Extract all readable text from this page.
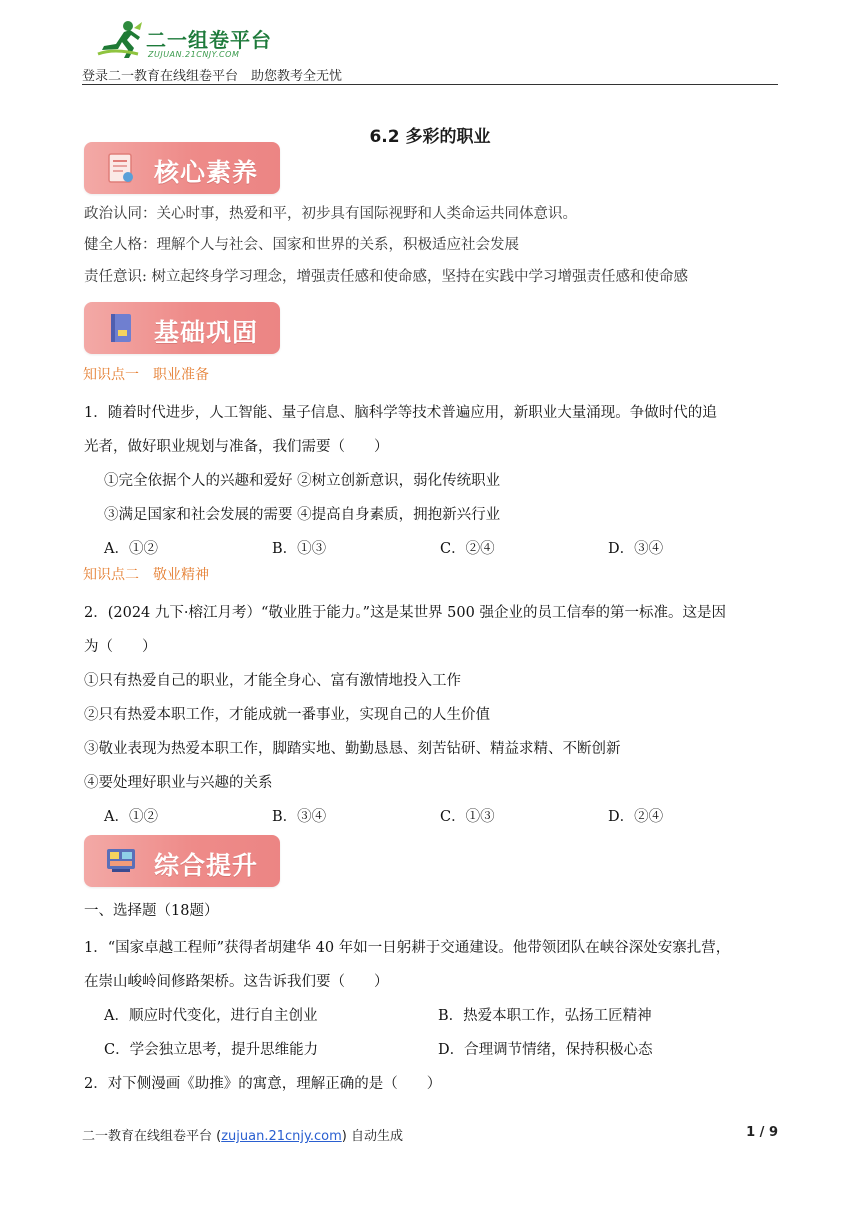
二一组卷平台
ZUJUAN.21CNJY.COM
登录二一教育在线组卷平台　助您教考全无忧
6.2 多彩的职业
核心素养
政治认同：关心时事，热爱和平，初步具有国际视野和人类命运共同体意识。
健全人格：理解个人与社会、国家和世界的关系，积极适应社会发展
责任意识: 树立起终身学习理念，增强责任感和使命感，坚持在实践中学习增强责任感和使命感
基础巩固
知识点一　职业准备
1．随着时代进步，人工智能、量子信息、脑科学等技术普遍应用，新职业大量涌现。争做时代的追
光者，做好职业规划与准备，我们需要（　　）
①完全依据个人的兴趣和爱好 ②树立创新意识，弱化传统职业
③满足国家和社会发展的需要 ④提高自身素质，拥抱新兴行业
A．①②	B．①③	C．②④	D．③④
知识点二　敬业精神
2．(2024 九下·榕江月考）“敬业胜于能力。”这是某世界 500 强企业的员工信奉的第一标准。这是因
为（　　）
①只有热爱自己的职业，才能全身心、富有激情地投入工作
②只有热爱本职工作，才能成就一番事业，实现自己的人生价值
③敬业表现为热爱本职工作，脚踏实地、勤勤恳恳、刻苦钻研、精益求精、不断创新
④要处理好职业与兴趣的关系
A．①②	B．③④	C．①③	D．②④
综合提升
一、选择题（18题）
1．“国家卓越工程师”获得者胡建华 40 年如一日躬耕于交通建设。他带领团队在峡谷深处安寨扎营，
在崇山峻岭间修路架桥。这告诉我们要（　　）
A．顺应时代变化，进行自主创业	B．热爱本职工作，弘扬工匠精神
C．学会独立思考，提升思维能力	D．合理调节情绪，保持积极心态
2．对下侧漫画《助推》的寓意，理解正确的是（　　）
二一教育在线组卷平台 (zujuan.21cnjy.com) 自动生成	1 / 9
